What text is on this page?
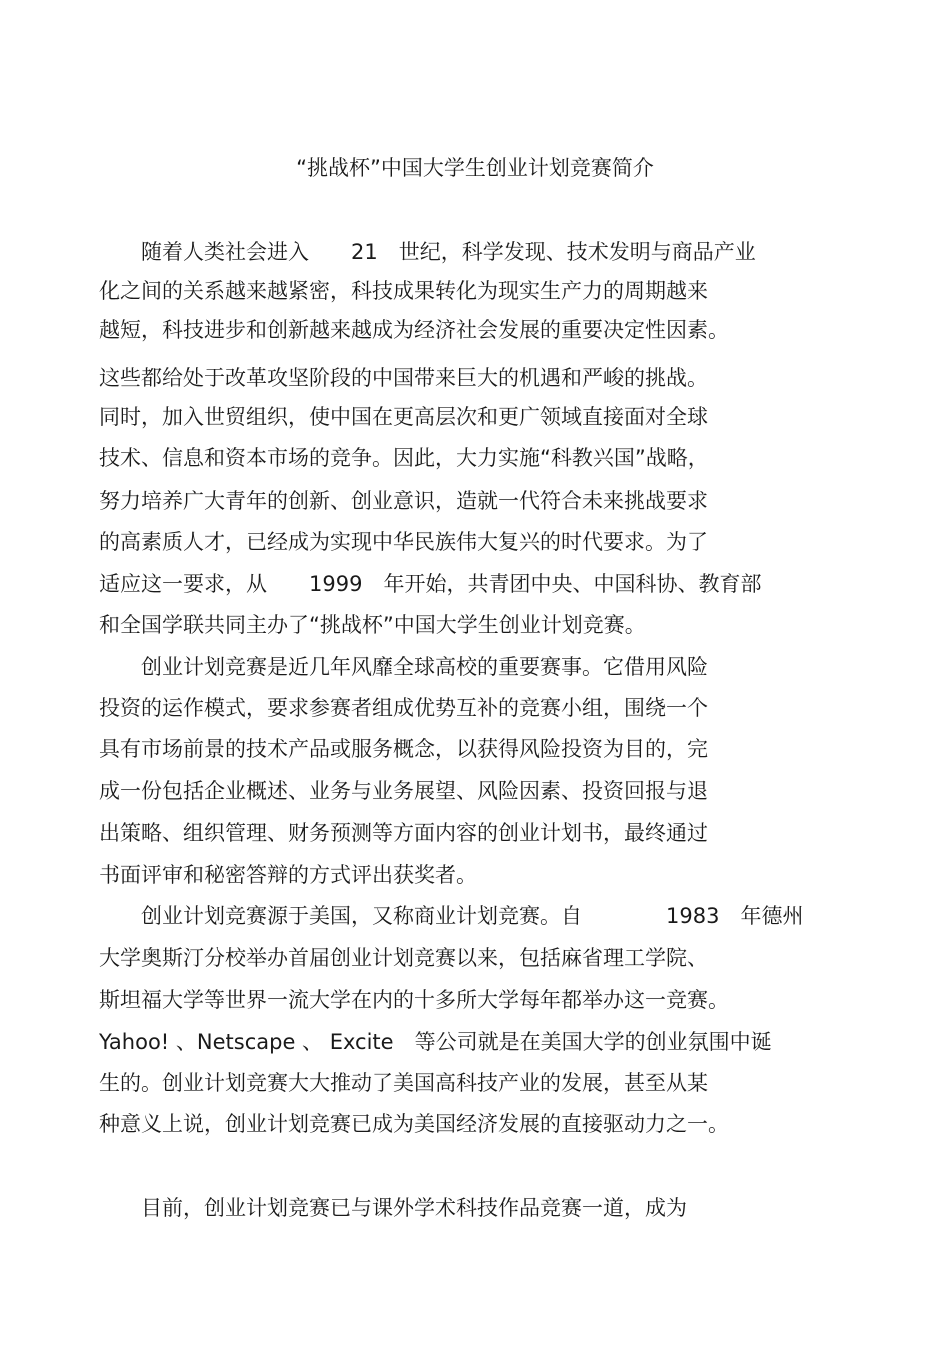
“挑战杯”中国大学生创业计划竞赛简介
　　随着人类社会进入　　21　世纪，科学发现、技术发明与商品产业
化之间的关系越来越紧密，科技成果转化为现实生产力的周期越来
越短，科技进步和创新越来越成为经济社会发展的重要决定性因素。
这些都给处于改革攻坚阶段的中国带来巨大的机遇和严峻的挑战。
同时，加入世贸组织，使中国在更高层次和更广领域直接面对全球
技术、信息和资本市场的竞争。因此，大力实施“科教兴国”战略，
努力培养广大青年的创新、创业意识，造就一代符合未来挑战要求
的高素质人才，已经成为实现中华民族伟大复兴的时代要求。为了
适应这一要求，从　　1999　年开始，共青团中央、中国科协、教育部
和全国学联共同主办了“挑战杯”中国大学生创业计划竞赛。
　　创业计划竞赛是近几年风靡全球高校的重要赛事。它借用风险
投资的运作模式，要求参赛者组成优势互补的竞赛小组，围绕一个
具有市场前景的技术产品或服务概念，以获得风险投资为目的，完
成一份包括企业概述、业务与业务展望、风险因素、投资回报与退
出策略、组织管理、财务预测等方面内容的创业计划书，最终通过
书面评审和秘密答辩的方式评出获奖者。
　　创业计划竞赛源于美国，又称商业计划竞赛。自　　　　1983　年德州
大学奥斯汀分校举办首届创业计划竞赛以来，包括麻省理工学院、
斯坦福大学等世界一流大学在内的十多所大学每年都举办这一竞赛。
Yahoo! 、Netscape 、 Excite　等公司就是在美国大学的创业氛围中诞
生的。创业计划竞赛大大推动了美国高科技产业的发展，甚至从某
种意义上说，创业计划竞赛已成为美国经济发展的直接驱动力之一。
　　目前，创业计划竞赛已与课外学术科技作品竞赛一道，成为
